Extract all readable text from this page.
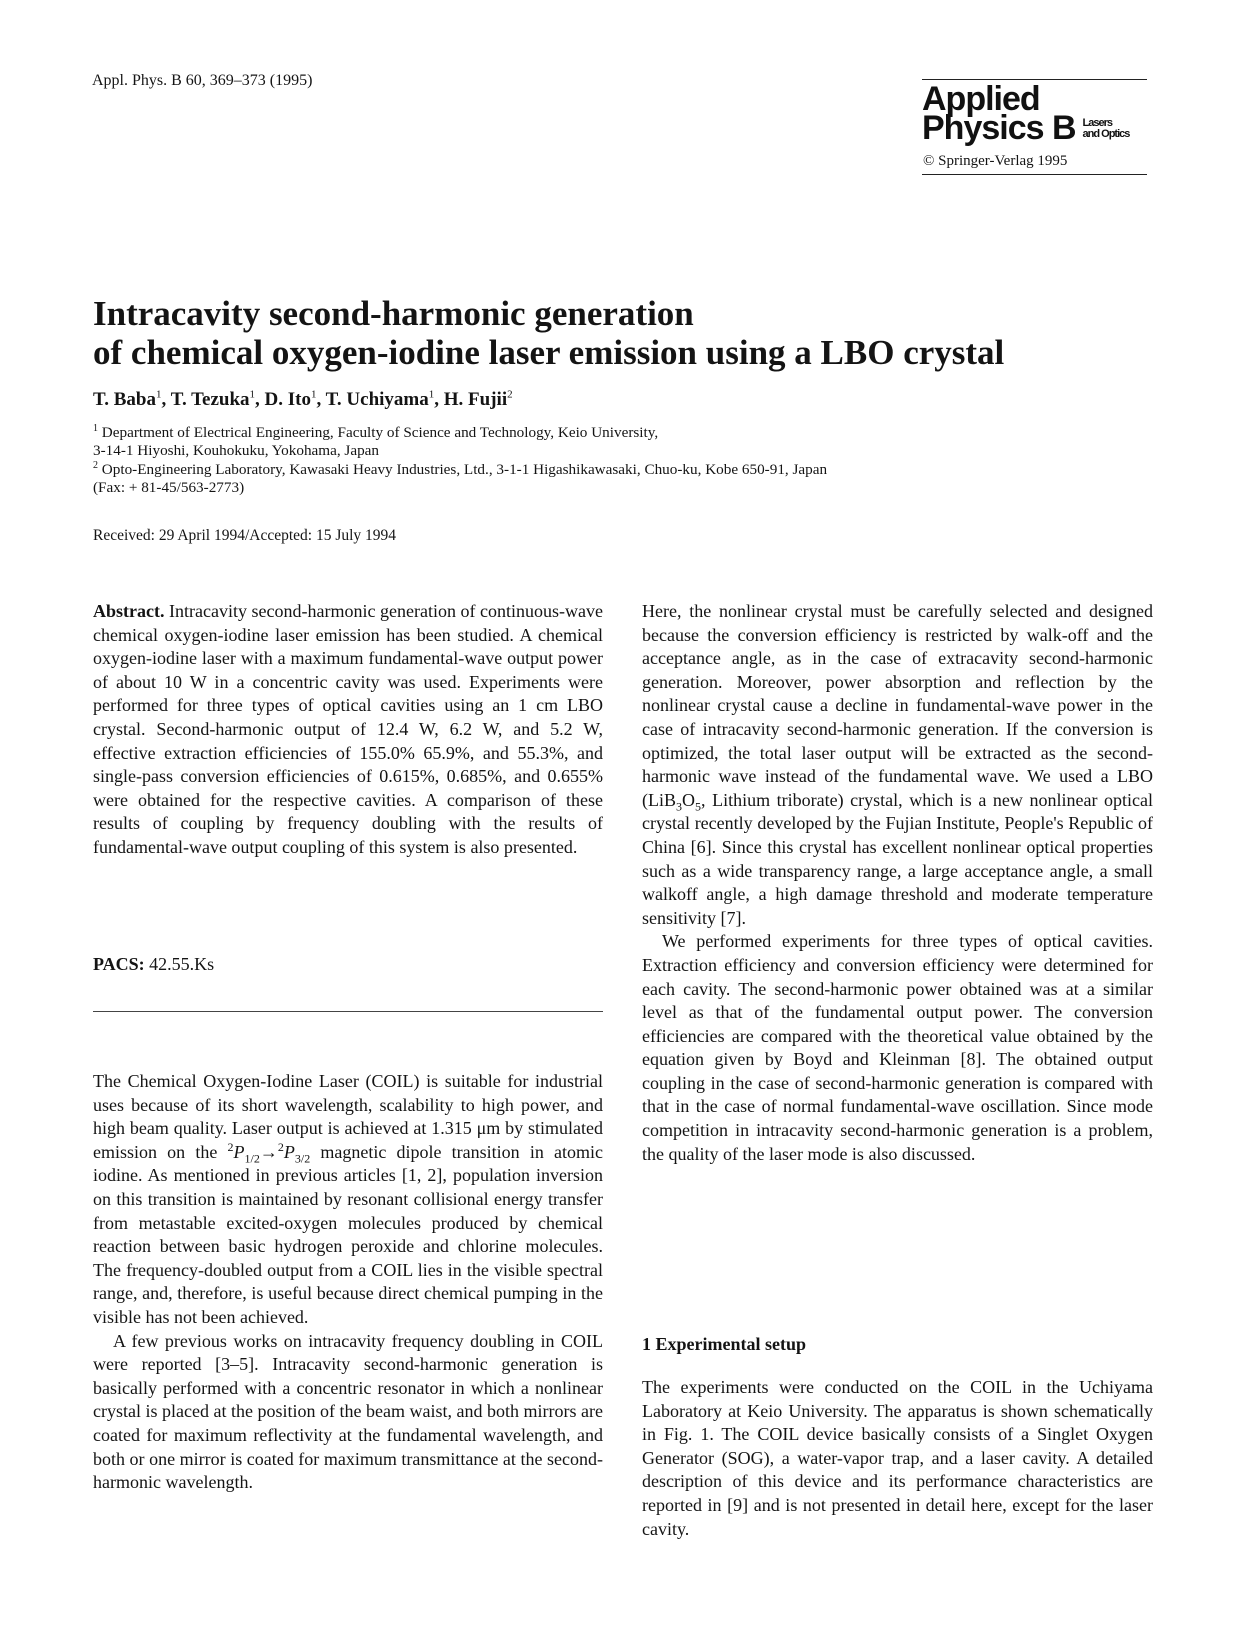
Appl. Phys. B 60, 369–373 (1995)	Applied
Physics B Lasers
and Optics
© Springer-Verlag 1995
Intracavity second-harmonic generation
of chemical oxygen-iodine laser emission using a LBO crystal
T. Baba$^1$, T. Tezuka$^1$, D. Ito$^1$, T. Uchiyama$^1$, H. Fujii$^2$
$^1$ Department of Electrical Engineering, Faculty of Science and Technology, Keio University,
3-14-1 Hiyoshi, Kouhokuku, Yokohama, Japan
$^2$ Opto-Engineering Laboratory, Kawasaki Heavy Industries, Ltd., 3-1-1 Higashikawasaki, Chuo-ku, Kobe 650-91, Japan
(Fax: + 81-45/563-2773)
Received: 29 April 1994/Accepted: 15 July 1994

Abstract. Intracavity second-harmonic generation of continuous-wave chemical oxygen-iodine laser emission has been studied. A chemical oxygen-iodine laser with a maximum fundamental-wave output power of about 10 W in a concentric cavity was used. Experiments were performed for three types of optical cavities using an 1 cm LBO crystal. Second-harmonic output of 12.4 W, 6.2 W, and 5.2 W, effective extraction efficiencies of 155.0% 65.9%, and 55.3%, and single-pass conversion efficiencies of 0.615%, 0.685%, and 0.655% were obtained for the respective cavities. A comparison of these results of coupling by frequency doubling with the results of fundamental-wave output coupling of this system is also presented.

PACS: 42.55.Ks

The Chemical Oxygen-Iodine Laser (COIL) is suitable for industrial uses because of its short wavelength, scalability to high power, and high beam quality. Laser output is achieved at 1.315 μm by stimulated emission on the $^2P_{1/2}\to^2P_{3/2}$ magnetic dipole transition in atomic iodine. As mentioned in previous articles [1, 2], population inversion on this transition is maintained by resonant collisional energy transfer from metastable excited-oxygen molecules produced by chemical reaction between basic hydrogen peroxide and chlorine molecules. The frequency-doubled output from a COIL lies in the visible spectral range, and, therefore, is useful because direct chemical pumping in the visible has not been achieved.

A few previous works on intracavity frequency doubling in COIL were reported [3–5]. Intracavity second-harmonic generation is basically performed with a concentric resonator in which a nonlinear crystal is placed at the position of the beam waist, and both mirrors are coated for maximum reflectivity at the fundamental wavelength, and both or one mirror is coated for maximum transmittance at the second-harmonic wavelength.

Here, the nonlinear crystal must be carefully selected and designed because the conversion efficiency is restricted by walk-off and the acceptance angle, as in the case of extracavity second-harmonic generation. Moreover, power absorption and reflection by the nonlinear crystal cause a decline in fundamental-wave power in the case of intracavity second-harmonic generation. If the conversion is optimized, the total laser output will be extracted as the second-harmonic wave instead of the fundamental wave. We used a LBO ($LiB_3O_5$, Lithium triborate) crystal, which is a new nonlinear optical crystal recently developed by the Fujian Institute, People's Republic of China [6]. Since this crystal has excellent nonlinear optical properties such as a wide transparency range, a large acceptance angle, a small walkoff angle, a high damage threshold and moderate temperature sensitivity [7].

We performed experiments for three types of optical cavities. Extraction efficiency and conversion efficiency were determined for each cavity. The second-harmonic power obtained was at a similar level as that of the fundamental output power. The conversion efficiencies are compared with the theoretical value obtained by the equation given by Boyd and Kleinman [8]. The obtained output coupling in the case of second-harmonic generation is compared with that in the case of normal fundamental-wave oscillation. Since mode competition in intracavity second-harmonic generation is a problem, the quality of the laser mode is also discussed.

1 Experimental setup

The experiments were conducted on the COIL in the Uchiyama Laboratory at Keio University. The apparatus is shown schematically in Fig. 1. The COIL device basically consists of a Singlet Oxygen Generator (SOG), a water-vapor trap, and a laser cavity. A detailed description of this device and its performance characteristics are reported in [9] and is not presented in detail here, except for the laser cavity.
